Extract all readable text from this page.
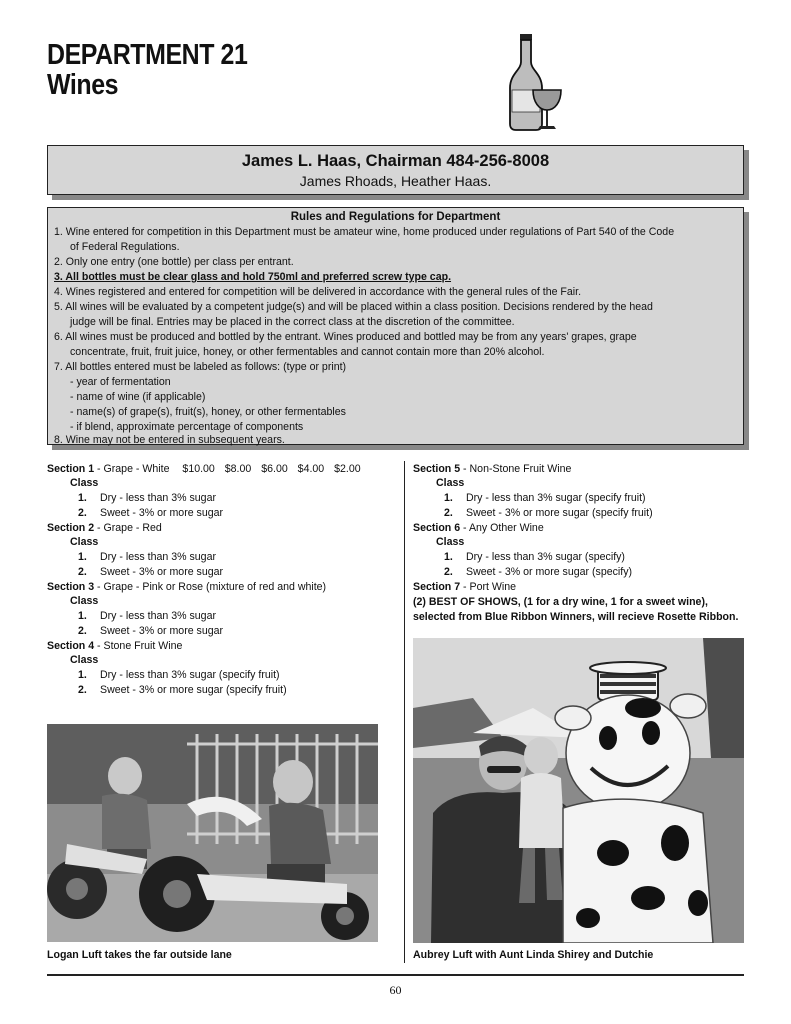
DEPARTMENT 21
Wines
James L. Haas, Chairman 484-256-8008
James Rhoads, Heather Haas.
Rules and Regulations for Department
1. Wine entered for competition in this Department must be amateur wine, home produced under regulations of Part 540 of the Code
of Federal Regulations.
2. Only one entry (one bottle) per class per entrant.
3. All bottles must be clear glass and hold 750ml and preferred screw type cap.
4. Wines registered and entered for competition will be delivered in accordance with the general rules of the Fair.
5. All wines will be evaluated by a competent judge(s) and will be placed within a class position. Decisions rendered by the head
judge will be final. Entries may be placed in the correct class at the discretion of the committee.
6. All wines must be produced and bottled by the entrant. Wines produced and bottled may be from any years' grapes, grape
concentrate, fruit, fruit juice, honey, or other fermentables and cannot contain more than 20% alcohol.
7. All bottles entered must be labeled as follows: (type or print)
- year of fermentation
- name of wine (if applicable)
- name(s) of grape(s), fruit(s), honey, or other fermentables
- if blend, approximate percentage of components
8. Wine may not be entered in subsequent years.
Section 1 - Grape - White $10.00 $8.00 $6.00 $4.00 $2.00
Class
1. Dry - less than 3% sugar
2. Sweet - 3% or more sugar
Section 2 - Grape - Red
Class
1. Dry - less than 3% sugar
2. Sweet - 3% or more sugar
Section 3 - Grape - Pink or Rose (mixture of red and white)
Class
1. Dry - less than 3% sugar
2. Sweet - 3% or more sugar
Section 4 - Stone Fruit Wine
Class
1. Dry - less than 3% sugar (specify fruit)
2. Sweet - 3% or more sugar (specify fruit)
Section 5 - Non-Stone Fruit Wine
Class
1. Dry - less than 3% sugar (specify fruit)
2. Sweet - 3% or more sugar (specify fruit)
Section 6 - Any Other Wine
Class
1. Dry - less than 3% sugar (specify)
2. Sweet - 3% or more sugar (specify)
Section 7 - Port Wine
(2) BEST OF SHOWS, (1 for a dry wine, 1 for a sweet wine),
selected from Blue Ribbon Winners, will recieve Rosette Ribbon.
Logan Luft takes the far outside lane	Aubrey Luft with Aunt Linda Shirey and Dutchie
60
